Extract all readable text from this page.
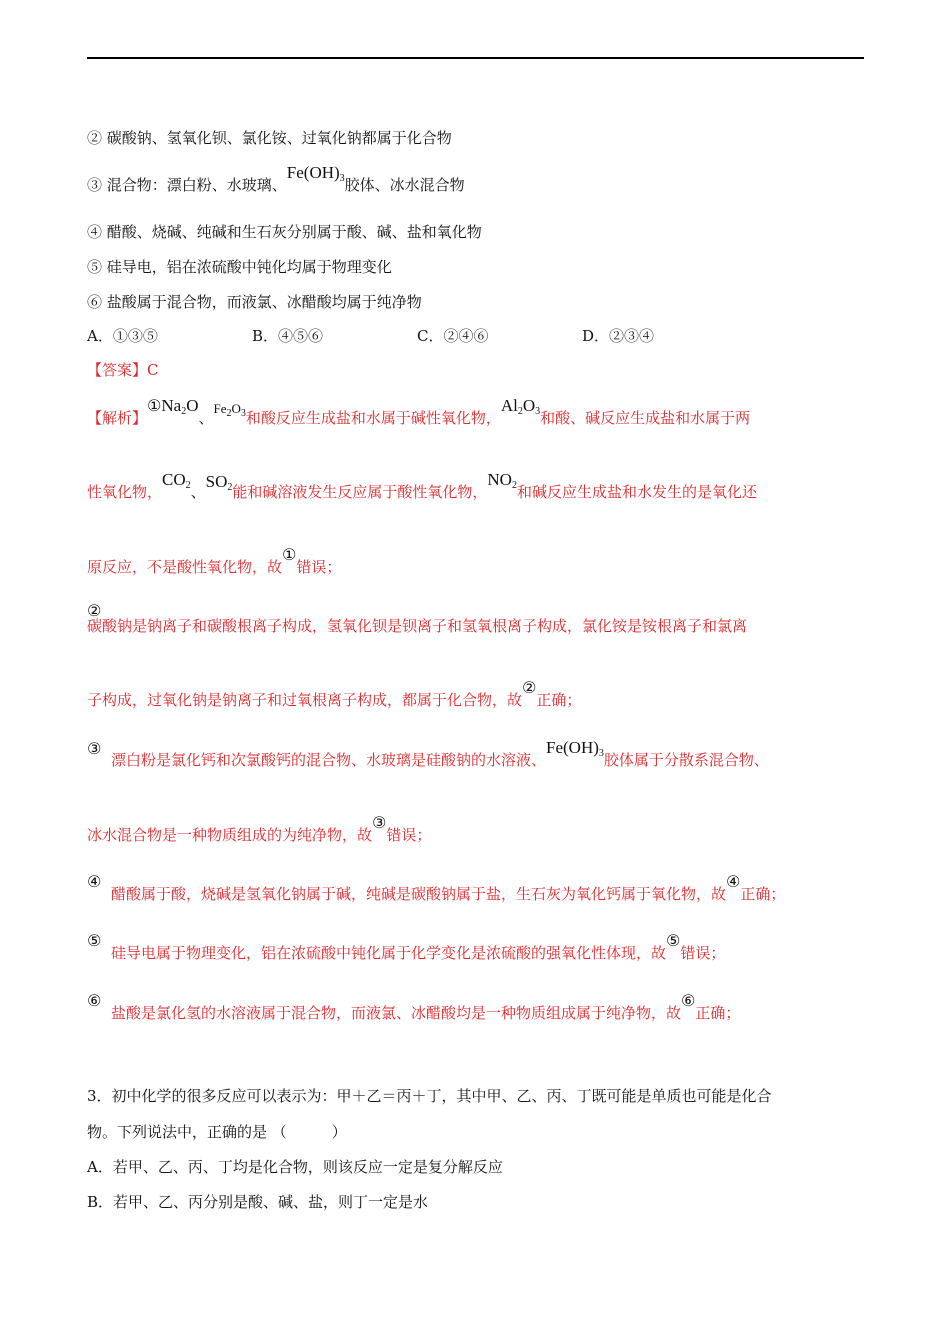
② 碳酸钠、氢氧化钡、氯化铵、过氧化钠都属于化合物
③ 混合物：漂白粉、水玻璃、$Fe(OH)_3$胶体、冰水混合物
④ 醋酸、烧碱、纯碱和生石灰分别属于酸、碱、盐和氧化物
⑤ 硅导电，铝在浓硫酸中钝化均属于物理变化
⑥ 盐酸属于混合物，而液氯、冰醋酸均属于纯净物
A．①③⑤	B．④⑤⑥	C．②④⑥	D．②③④
【答案】C
【解析】$①Na_2O$、$Fe_2O_3$和酸反应生成盐和水属于碱性氧化物，$Al_2O_3$和酸、碱反应生成盐和水属于两
性氧化物，$CO_2$、$SO_2$能和碱溶液发生反应属于酸性氧化物，$NO_2$和碱反应生成盐和水发生的是氧化还
原反应，不是酸性氧化物，故①错误；
②
碳酸钠是钠离子和碳酸根离子构成，氢氧化钡是钡离子和氢氧根离子构成，氯化铵是铵根离子和氯离
子构成，过氧化钠是钠离子和过氧根离子构成，都属于化合物，故②正确；
③
漂白粉是氯化钙和次氯酸钙的混合物、水玻璃是硅酸钠的水溶液、$Fe(OH)_3$胶体属于分散系混合物、
冰水混合物是一种物质组成的为纯净物，故③错误；
④
醋酸属于酸，烧碱是氢氧化钠属于碱，纯碱是碳酸钠属于盐，生石灰为氧化钙属于氧化物，故④正确；
⑤
硅导电属于物理变化，铝在浓硫酸中钝化属于化学变化是浓硫酸的强氧化性体现，故⑤错误；
⑥
盐酸是氯化氢的水溶液属于混合物，而液氯、冰醋酸均是一种物质组成属于纯净物，故⑥正确；
3．初中化学的很多反应可以表示为：甲＋乙＝丙＋丁，其中甲、乙、丙、丁既可能是单质也可能是化合
物。下列说法中，正确的是 （　　　）
A．若甲、乙、丙、丁均是化合物，则该反应一定是复分解反应
B．若甲、乙、丙分别是酸、碱、盐，则丁一定是水
